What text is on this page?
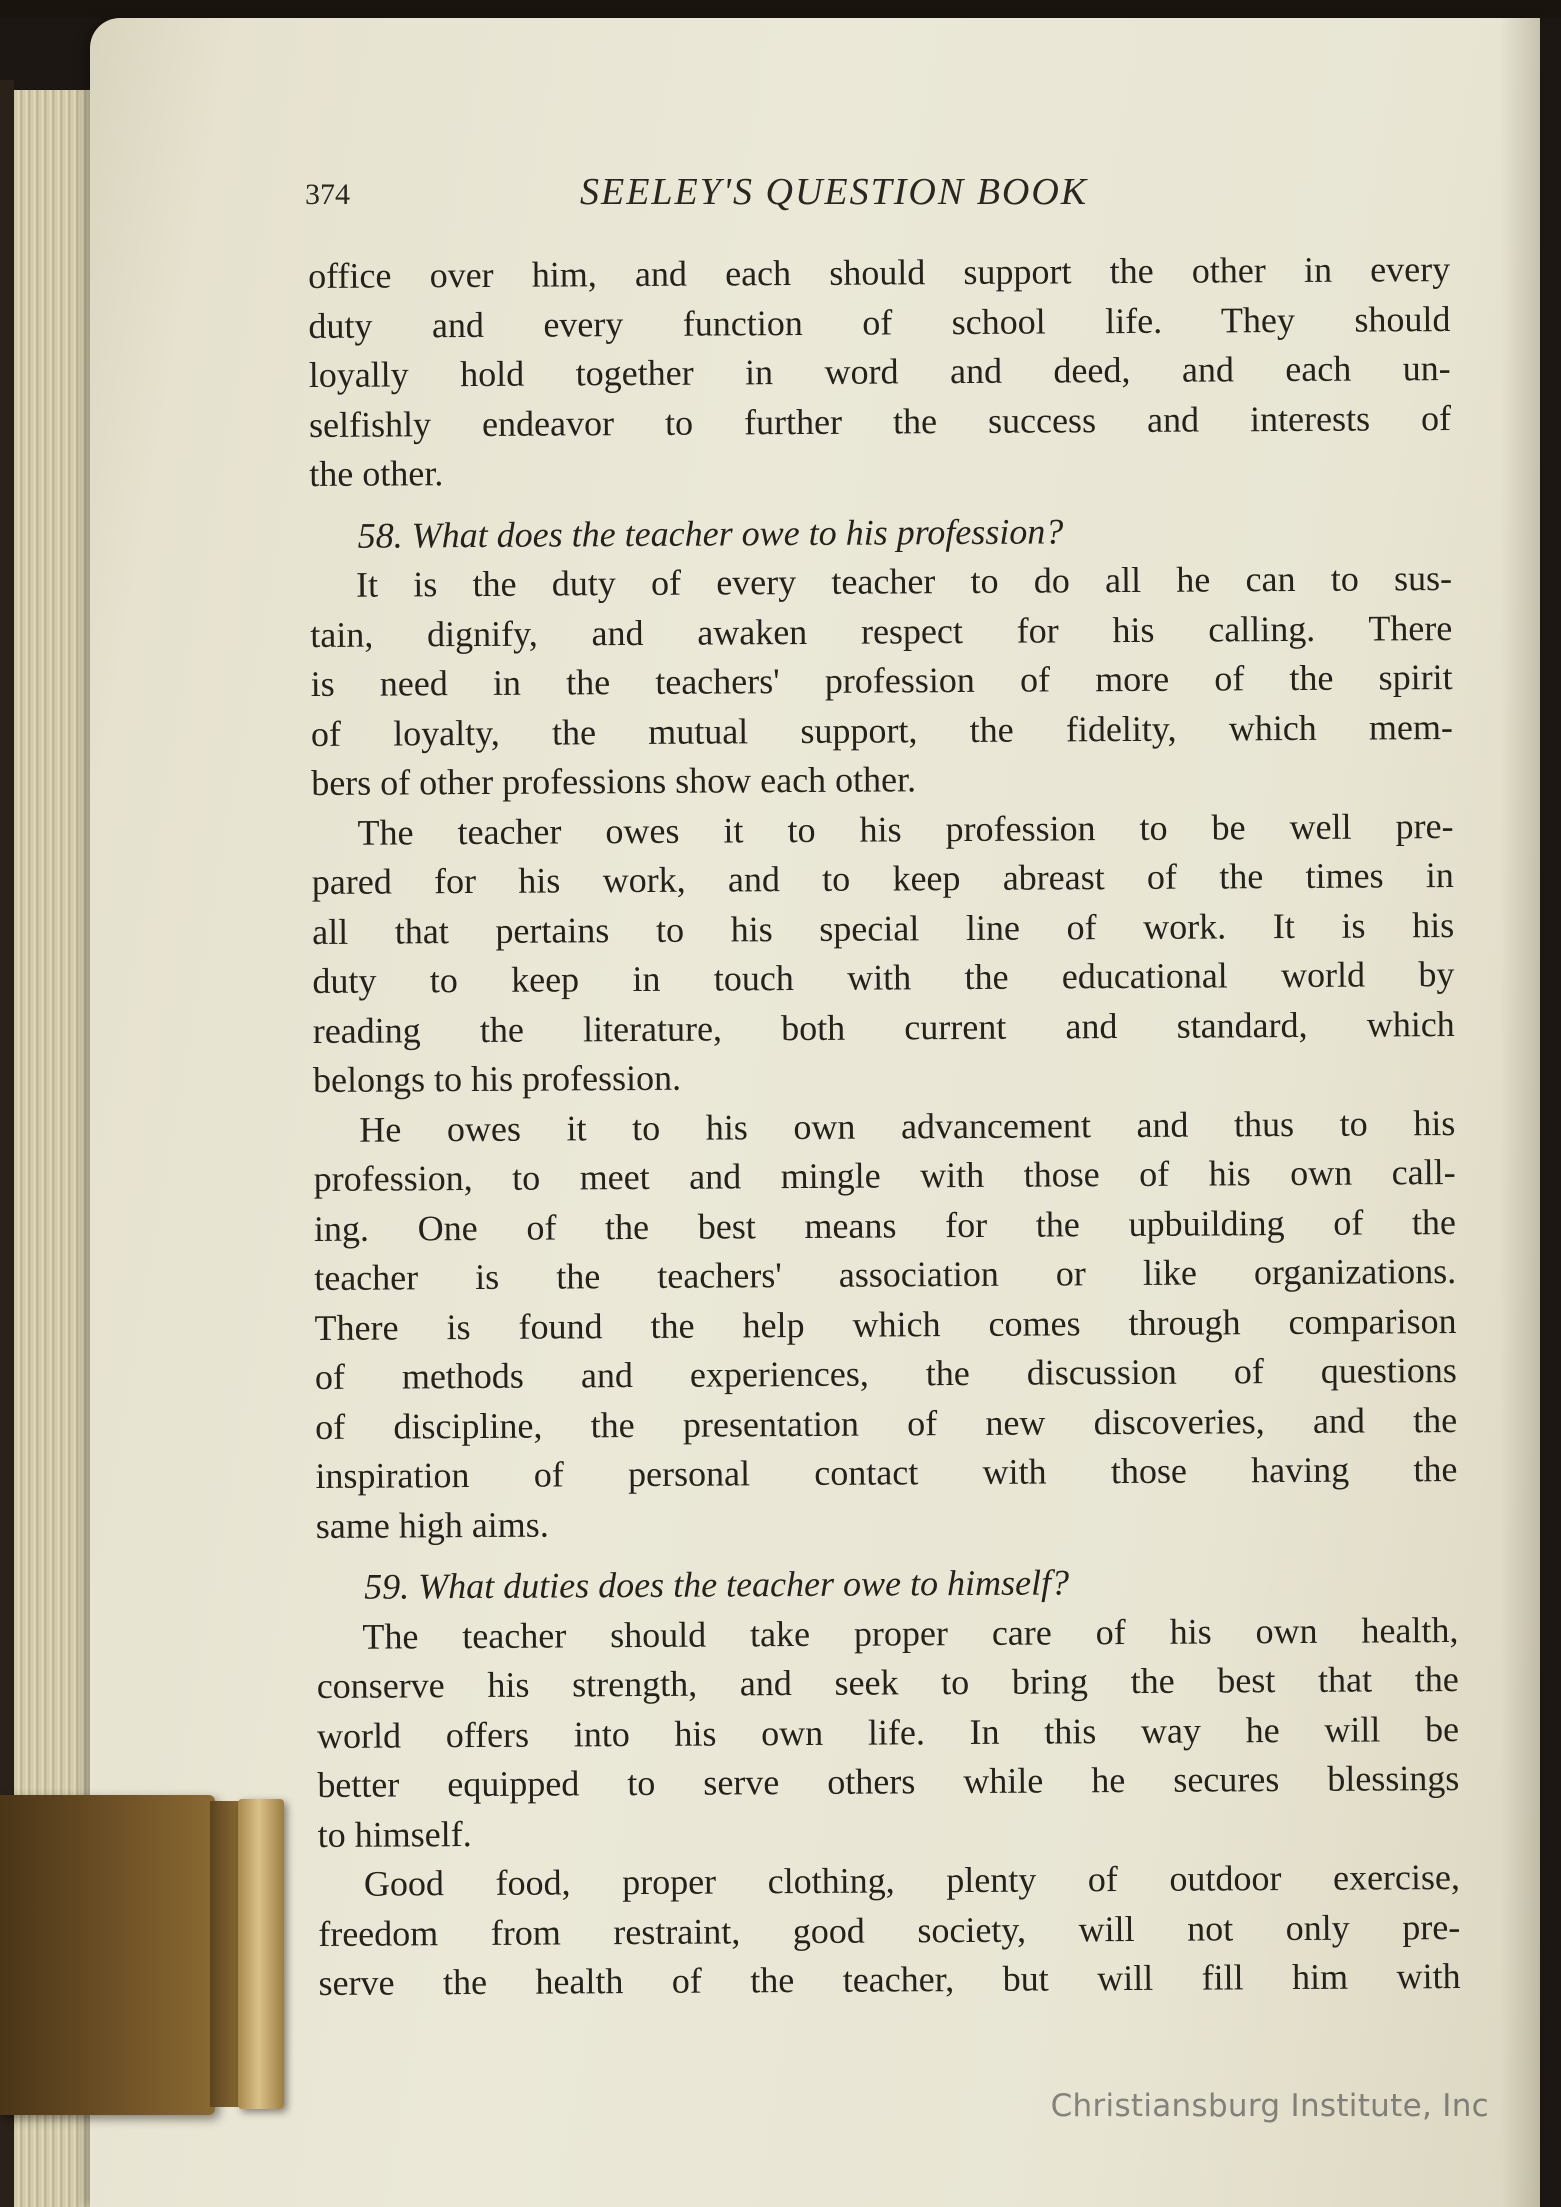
374	SEELEY'S QUESTION BOOK
office over him, and each should support the other in every
duty and every function of school life. They should
loyally hold together in word and deed, and each un-
selfishly endeavor to further the success and interests of
the other.
58. What does the teacher owe to his profession?
It is the duty of every teacher to do all he can to sus-
tain, dignify, and awaken respect for his calling. There
is need in the teachers' profession of more of the spirit
of loyalty, the mutual support, the fidelity, which mem-
bers of other professions show each other.
The teacher owes it to his profession to be well pre-
pared for his work, and to keep abreast of the times in
all that pertains to his special line of work. It is his
duty to keep in touch with the educational world by
reading the literature, both current and standard, which
belongs to his profession.
He owes it to his own advancement and thus to his
profession, to meet and mingle with those of his own call-
ing. One of the best means for the upbuilding of the
teacher is the teachers' association or like organizations.
There is found the help which comes through comparison
of methods and experiences, the discussion of questions
of discipline, the presentation of new discoveries, and the
inspiration of personal contact with those having the
same high aims.
59. What duties does the teacher owe to himself?
The teacher should take proper care of his own health,
conserve his strength, and seek to bring the best that the
world offers into his own life. In this way he will be
better equipped to serve others while he secures blessings
to himself.
Good food, proper clothing, plenty of outdoor exercise,
freedom from restraint, good society, will not only pre-
serve the health of the teacher, but will fill him with
Christiansburg Institute, Inc
